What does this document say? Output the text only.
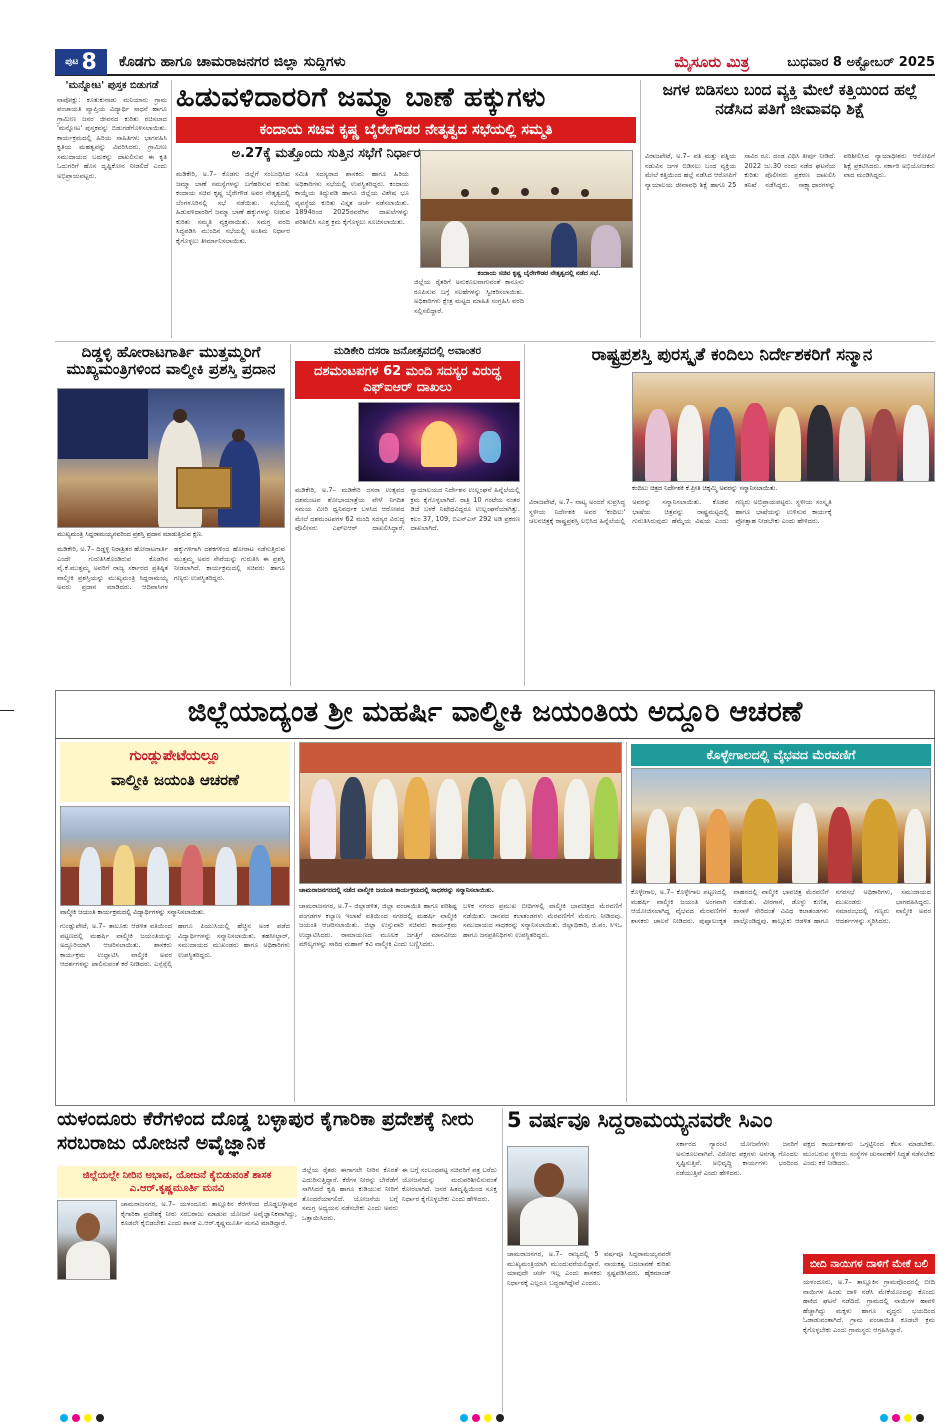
ಪುಟ 8 ಕೊಡಗು ಹಾಗೂ ಚಾಮರಾಜನಗರ ಜಿಲ್ಲಾ ಸುದ್ದಿಗಳು	ಮೈಸೂರು ಮಿತ್ರ	ಬುಧವಾರ 8 ಅಕ್ಟೋಬರ್ 2025
'ಮನ್ನೋಟ' ಪುಸ್ತಕ ಬಿಡುಗಡೆ
ನಾಪೋಕ್ಲು: ಕೂತುಕುನಾಡು ಮನಿಯಾರು ಗ್ರಾಮ ಪಂಚಾಯತಿ ವ್ಯಾಪ್ತಿಯ ವಿದ್ಯಾರ್ಥಿ ಸಾಧನೆ ಹಾಗೂ ಗ್ರಾಮೀಣ ಜನರ ಜೀವನದ ಕುರಿತು ರಚಿಸಲಾದ 'ಮನ್ನೋಟ' ಪುಸ್ತಕವನ್ನು ಬಿಡುಗಡೆಗೊಳಿಸಲಾಯಿತು. ಕಾರ್ಯಕ್ರಮದಲ್ಲಿ ಹಿರಿಯ ಸಾಹಿತಿಗಳು ಭಾಗವಹಿಸಿ ಕೃತಿಯ ಮಹತ್ವವನ್ನು ವಿವರಿಸಿದರು. ಗ್ರಾಮೀಣ ಸಮುದಾಯದ ಬದುಕನ್ನು ದಾಖಲಿಸುವ ಈ ಕೃತಿ ಓದುಗರಿಗೆ ಹೊಸ ದೃಷ್ಟಿಕೋನ ನೀಡಲಿದೆ ಎಂದು ಅಭಿಪ್ರಾಯಪಟ್ಟರು.
ಹಿಡುವಳಿದಾರರಿಗೆ ಜಮ್ಮಾ ಬಾಣೆ ಹಕ್ಕುಗಳು
ಕಂದಾಯ ಸಚಿವ ಕೃಷ್ಣ ಬೈರೇಗೌಡರ ನೇತೃತ್ವದ ಸಭೆಯಲ್ಲಿ ಸಮ್ಮತಿ
ಅ.27ಕ್ಕೆ ಮತ್ತೊಂದು ಸುತ್ತಿನ ಸಭೆಗೆ ನಿರ್ಧಾರ
ಮಡಿಕೇರಿ, ಅ.7– ಕೊಡಗು ಜಿಲ್ಲೆಗೆ ಸಂಬಂಧಿಸಿದ ಜಮ್ಮಾ ಬಾಣೆ ಸಮಸ್ಯೆಗಳನ್ನು ಬಗೆಹರಿಸುವ ಕುರಿತು ಕಂದಾಯ ಸಚಿವ ಕೃಷ್ಣ ಬೈರೇಗೌಡ ಅವರ ನೇತೃತ್ವದಲ್ಲಿ ಬೆಂಗಳೂರಿನಲ್ಲಿ ಸಭೆ ನಡೆಯಿತು. ಸಭೆಯಲ್ಲಿ ಹಿಡುವಳಿದಾರರಿಗೆ ಜಮ್ಮಾ ಬಾಣೆ ಹಕ್ಕುಗಳನ್ನು ನೀಡುವ ಕುರಿತು ಸಮ್ಮತಿ ವ್ಯಕ್ತವಾಯಿತು. ಸಮಗ್ರ ವರದಿ ಸಿದ್ಧಪಡಿಸಿ ಮುಂದಿನ ಸಭೆಯಲ್ಲಿ ಅಂತಿಮ ನಿರ್ಧಾರ ಕೈಗೊಳ್ಳಲು ತೀರ್ಮಾನಿಸಲಾಯಿತು.
ಸಮಿತಿ ಸದಸ್ಯರಾದ ಶಾಸಕರು ಹಾಗೂ ಹಿರಿಯ ಅಧಿಕಾರಿಗಳು ಸಭೆಯಲ್ಲಿ ಉಪಸ್ಥಿತರಿದ್ದರು. ಕಂದಾಯ ಕಾಯ್ದೆಯ ತಿದ್ದುಪಡಿ ಹಾಗೂ ಜಿಲ್ಲೆಯ ವಿಶೇಷ ಭೂ ವ್ಯವಸ್ಥೆಯ ಕುರಿತು ವಿಸ್ತೃತ ಚರ್ಚೆ ನಡೆಸಲಾಯಿತು. 1894ರಿಂದ 2025ರವರೆಗಿನ ದಾಖಲೆಗಳನ್ನು ಪರಿಶೀಲಿಸಿ ಸೂಕ್ತ ಕ್ರಮ ಕೈಗೊಳ್ಳಲು ಸೂಚಿಸಲಾಯಿತು.
ಜಿಲ್ಲೆಯ ರೈತರಿಗೆ ಅನುಕೂಲವಾಗುವಂತೆ ಕಾನೂನು ರೂಪಿಸುವ ಬಗ್ಗೆ ಸಲಹೆಗಳನ್ನು ಸ್ವೀಕರಿಸಲಾಯಿತು. ಅಧಿಕಾರಿಗಳು ಕ್ಷೇತ್ರ ಮಟ್ಟದ ಮಾಹಿತಿ ಸಂಗ್ರಹಿಸಿ ವರದಿ ಸಲ್ಲಿಸಲಿದ್ದಾರೆ.
ಕಂದಾಯ ಸಚಿವ ಕೃಷ್ಣ ಬೈರೇಗೌಡರ ನೇತೃತ್ವದಲ್ಲಿ ನಡೆದ ಸಭೆ.
ಜಗಳ ಬಿಡಿಸಲು ಬಂದ ವ್ಯಕ್ತಿ ಮೇಲೆ ಕತ್ತಿಯಿಂದ ಹಲ್ಲೆ ನಡೆಸಿದ ಪತಿಗೆ ಜೀವಾವಧಿ ಶಿಕ್ಷೆ
ವಿರಾಜಪೇಟೆ, ಅ.7– ಪತಿ ಮತ್ತು ಪತ್ನಿಯ ನಡುವಿನ ಜಗಳ ಬಿಡಿಸಲು ಬಂದ ವ್ಯಕ್ತಿಯ ಮೇಲೆ ಕತ್ತಿಯಿಂದ ಹಲ್ಲೆ ನಡೆಸಿದ ಆರೋಪಿಗೆ ನ್ಯಾಯಾಲಯ ಜೀವಾವಧಿ ಶಿಕ್ಷೆ ಹಾಗೂ 25 ಸಾವಿರ ರೂ. ದಂಡ ವಿಧಿಸಿ ತೀರ್ಪು ನೀಡಿದೆ. 2022 ಜು.30 ರಂದು ನಡೆದ ಘಟನೆಯ ಕುರಿತು ಪೊಲೀಸರು ಪ್ರಕರಣ ದಾಖಲಿಸಿ ತನಿಖೆ ನಡೆಸಿದ್ದರು. ಸಾಕ್ಷ್ಯಾಧಾರಗಳನ್ನು ಪರಿಶೀಲಿಸಿದ ನ್ಯಾಯಾಧೀಶರು ಆರೋಪಿಗೆ ಶಿಕ್ಷೆ ಪ್ರಕಟಿಸಿದರು. ಸರ್ಕಾರಿ ಅಭಿಯೋಜಕರು ವಾದ ಮಂಡಿಸಿದ್ದರು.
ದಿಡ್ಡಳ್ಳಿ ಹೋರಾಟಗಾರ್ತಿ ಮುತ್ತಮ್ಮರಿಗೆ ಮುಖ್ಯಮಂತ್ರಿಗಳಿಂದ ವಾಲ್ಮೀಕಿ ಪ್ರಶಸ್ತಿ ಪ್ರದಾನ
ಮುಖ್ಯಮಂತ್ರಿ ಸಿದ್ದರಾಮಯ್ಯನವರಿಂದ ಪ್ರಶಸ್ತಿ ಪ್ರದಾನ ಮಾಡುತ್ತಿರುವ ಕ್ಷಣ.
ಮಡಿಕೇರಿ, ಅ.7– ದಿಡ್ಡಳ್ಳಿ ನಿರಾಶ್ರಿತರ ಹೋರಾಟಗಾರ್ತಿ ಎಂದೇ ಗುರುತಿಸಿಕೊಂಡಿರುವ ಕೊಡಗಿನ ವೈ.ಕೆ.ಮುತ್ತಮ್ಮ ಅವರಿಗೆ ರಾಜ್ಯ ಸರ್ಕಾರದ ಪ್ರತಿಷ್ಠಿತ ವಾಲ್ಮೀಕಿ ಪ್ರಶಸ್ತಿಯನ್ನು ಮುಖ್ಯಮಂತ್ರಿ ಸಿದ್ದರಾಮಯ್ಯ ಅವರು ಪ್ರದಾನ ಮಾಡಿದರು. ಆದಿವಾಸಿಗಳ ಹಕ್ಕುಗಳಿಗಾಗಿ ದಶಕಗಳಿಂದ ಹೋರಾಟ ನಡೆಸುತ್ತಿರುವ ಮುತ್ತಮ್ಮ ಅವರ ಸೇವೆಯನ್ನು ಗುರುತಿಸಿ ಈ ಪ್ರಶಸ್ತಿ ನೀಡಲಾಗಿದೆ. ಕಾರ್ಯಕ್ರಮದಲ್ಲಿ ಸಚಿವರು ಹಾಗೂ ಗಣ್ಯರು ಉಪಸ್ಥಿತರಿದ್ದರು.
ಮಡಿಕೇರಿ ದಸರಾ ಜನೋತ್ಸವದಲ್ಲಿ ಅವಾಂತರ
ದಶಮಂಟಪಗಳ 62 ಮಂದಿ ಸದಸ್ಯರ ವಿರುದ್ಧ ಎಫ್‌ಐಆರ್ ದಾಖಲು
ಮಡಿಕೇರಿ, ಅ.7– ಮಡಿಕೇರಿ ದಸರಾ ಉತ್ಸವದ ದಶಮಂಟಪ ಶೋಭಾಯಾತ್ರೆಯ ವೇಳೆ ನಿಗದಿತ ಸಮಯ ಮೀರಿ ಧ್ವನಿವರ್ಧಕ ಬಳಸಿದ ಆರೋಪದ ಮೇಲೆ ದಶಮಂಟಪಗಳ 62 ಮಂದಿ ಸದಸ್ಯರ ವಿರುದ್ಧ ಪೊಲೀಸರು ಎಫ್‌ಐಆರ್ ದಾಖಲಿಸಿದ್ದಾರೆ. ನ್ಯಾಯಾಲಯದ ನಿರ್ದೇಶನ ಉಲ್ಲಂಘನೆ ಹಿನ್ನೆಲೆಯಲ್ಲಿ ಕ್ರಮ ಕೈಗೊಳ್ಳಲಾಗಿದೆ. ರಾತ್ರಿ 10 ಗಂಟೆಯ ನಂತರ ಡಿಜೆ ಬಳಕೆ ನಿಷೇಧವಿದ್ದರೂ ಉಲ್ಲಂಘನೆಯಾಗಿತ್ತು. ಕಲಂ 37, 109, ಬಿಎನ್‌ಎಸ್ 292 ಅಡಿ ಪ್ರಕರಣ ದಾಖಲಾಗಿದೆ.
ರಾಷ್ಟ್ರಪ್ರಶಸ್ತಿ ಪುರಸ್ಕೃತೆ ಕಂದಿಲು ನಿರ್ದೇಶಕರಿಗೆ ಸನ್ಮಾನ
ಕಂದಿಲು ಚಿತ್ರದ ನಿರ್ದೇಶಕಿ ಕೆ.ಪ್ರೀತಿ ಚಿಕ್ಕಮ್ಮಿ ಅವರನ್ನು ಸನ್ಮಾನಿಸಲಾಯಿತು.
ವಿರಾಜಪೇಟೆ, ಅ.7– ನಾಟ್ಯ ಅಂದರೆ ಸುಪ್ರಸಿದ್ಧ ಸ್ಥಳೀಯ ನಿರ್ದೇಶಕಿ ಅವರ 'ಕಂದಿಲು' ಚಲನಚಿತ್ರಕ್ಕೆ ರಾಷ್ಟ್ರಪ್ರಶಸ್ತಿ ಲಭಿಸಿದ ಹಿನ್ನೆಲೆಯಲ್ಲಿ ಅವರನ್ನು ಸನ್ಮಾನಿಸಲಾಯಿತು. ಕೊಡವ ಭಾಷೆಯ ಚಿತ್ರವನ್ನು ರಾಷ್ಟ್ರಮಟ್ಟದಲ್ಲಿ ಗುರುತಿಸಿರುವುದು ಹೆಮ್ಮೆಯ ವಿಷಯ ಎಂದು ಗಣ್ಯರು ಅಭಿಪ್ರಾಯಪಟ್ಟರು. ಸ್ಥಳೀಯ ಸಂಸ್ಕೃತಿ ಹಾಗೂ ಭಾಷೆಯನ್ನು ಉಳಿಸುವ ಕಾರ್ಯಕ್ಕೆ ಪ್ರೋತ್ಸಾಹ ನೀಡಬೇಕು ಎಂದು ಹೇಳಿದರು.
ಜಿಲ್ಲೆಯಾದ್ಯಂತ ಶ್ರೀ ಮಹರ್ಷಿ ವಾಲ್ಮೀಕಿ ಜಯಂತಿಯ ಅದ್ದೂರಿ ಆಚರಣೆ
ಗುಂಡ್ಲುಪೇಟೆಯಲ್ಲೂ
ವಾಲ್ಮೀಕಿ ಜಯಂತಿ ಆಚರಣೆ
ವಾಲ್ಮೀಕಿ ಜಯಂತಿ ಕಾರ್ಯಕ್ರಮದಲ್ಲಿ ವಿದ್ಯಾರ್ಥಿಗಳನ್ನು ಸನ್ಮಾನಿಸಲಾಯಿತು.
ಗುಂಡ್ಲುಪೇಟೆ, ಅ.7– ತಾಲೂಕು ಆಡಳಿತ ವತಿಯಿಂದ ಪಟ್ಟಣದಲ್ಲಿ ಮಹರ್ಷಿ ವಾಲ್ಮೀಕಿ ಜಯಂತಿಯನ್ನು ಅದ್ದೂರಿಯಾಗಿ ಆಚರಿಸಲಾಯಿತು. ಶಾಸಕರು ಕಾರ್ಯಕ್ರಮ ಉದ್ಘಾಟಿಸಿ ವಾಲ್ಮೀಕಿ ಅವರ ಆದರ್ಶಗಳನ್ನು ಪಾಲಿಸುವಂತೆ ಕರೆ ನೀಡಿದರು. ಎಸ್ಸೆಸ್ಸೆಲ್ಸಿ ಹಾಗೂ ಪಿಯುಸಿಯಲ್ಲಿ ಹೆಚ್ಚಿನ ಅಂಕ ಪಡೆದ ವಿದ್ಯಾರ್ಥಿಗಳನ್ನು ಸನ್ಮಾನಿಸಲಾಯಿತು. ತಹಸೀಲ್ದಾರ್, ಸಮುದಾಯದ ಮುಖಂಡರು ಹಾಗೂ ಅಧಿಕಾರಿಗಳು ಉಪಸ್ಥಿತರಿದ್ದರು.
ಚಾಮರಾಜನಗರದಲ್ಲಿ ನಡೆದ ವಾಲ್ಮೀಕಿ ಜಯಂತಿ ಕಾರ್ಯಕ್ರಮದಲ್ಲಿ ಸಾಧಕರನ್ನು ಸನ್ಮಾನಿಸಲಾಯಿತು.
ಚಾಮರಾಜನಗರ, ಅ.7– ಜಿಲ್ಲಾಡಳಿತ, ಜಿಲ್ಲಾ ಪಂಚಾಯಿತಿ ಹಾಗೂ ಪರಿಶಿಷ್ಟ ಪಂಗಡಗಳ ಕಲ್ಯಾಣ ಇಲಾಖೆ ವತಿಯಿಂದ ನಗರದಲ್ಲಿ ಮಹರ್ಷಿ ವಾಲ್ಮೀಕಿ ಜಯಂತಿ ಆಚರಿಸಲಾಯಿತು. ಜಿಲ್ಲಾ ಉಸ್ತುವಾರಿ ಸಚಿವರು ಕಾರ್ಯಕ್ರಮ ಉದ್ಘಾಟಿಸಿದರು. ರಾಮಾಯಣದ ಮೂಲಕ ಜಗತ್ತಿಗೆ ಮಾನವೀಯ ಮೌಲ್ಯಗಳನ್ನು ಸಾರಿದ ಮಹಾನ್ ಕವಿ ವಾಲ್ಮೀಕಿ ಎಂದು ಬಣ್ಣಿಸಿದರು.
ಬಳಿಕ ನಗರದ ಪ್ರಮುಖ ಬೀದಿಗಳಲ್ಲಿ ವಾಲ್ಮೀಕಿ ಭಾವಚಿತ್ರದ ಮೆರವಣಿಗೆ ನಡೆಯಿತು. ಜಾನಪದ ಕಲಾತಂಡಗಳು ಮೆರವಣಿಗೆಗೆ ಮೆರುಗು ನೀಡಿದವು. ಸಮುದಾಯದ ಸಾಧಕರನ್ನು ಸನ್ಮಾನಿಸಲಾಯಿತು. ಜಿಲ್ಲಾಧಿಕಾರಿ, ಜಿ.ಪಂ. ಸಿಇಒ ಹಾಗೂ ಜನಪ್ರತಿನಿಧಿಗಳು ಉಪಸ್ಥಿತರಿದ್ದರು.
ಕೊಳ್ಳೇಗಾಲದಲ್ಲಿ ವೈಭವದ ಮೆರವಣಿಗೆ
ಕೊಳ್ಳೇಗಾಲ, ಅ.7– ಕೊಳ್ಳೇಗಾಲ ಪಟ್ಟಣದಲ್ಲಿ ಮಹರ್ಷಿ ವಾಲ್ಮೀಕಿ ಜಯಂತಿ ಅಂಗವಾಗಿ ಆಯೋಜಿಸಲಾಗಿದ್ದ ವೈಭವದ ಮೆರವಣಿಗೆಗೆ ಶಾಸಕರು ಚಾಲನೆ ನೀಡಿದರು. ಪುಷ್ಪಾಲಂಕೃತ ವಾಹನದಲ್ಲಿ ವಾಲ್ಮೀಕಿ ಭಾವಚಿತ್ರ ಮೆರವಣಿಗೆ ನಡೆಯಿತು. ವೀರಗಾಸೆ, ಡೊಳ್ಳು ಕುಣಿತ, ಕಂಸಾಳೆ ಸೇರಿದಂತೆ ವಿವಿಧ ಕಲಾತಂಡಗಳು ಪಾಲ್ಗೊಂಡಿದ್ದವು. ತಾಲ್ಲೂಕು ಆಡಳಿತ ಹಾಗೂ ನಗರಸಭೆ ಅಧಿಕಾರಿಗಳು, ಸಮುದಾಯದ ಮುಖಂಡರು ಭಾಗವಹಿಸಿದ್ದರು. ಸಮಾರಂಭದಲ್ಲಿ ಗಣ್ಯರು ವಾಲ್ಮೀಕಿ ಅವರ ಆದರ್ಶಗಳನ್ನು ಸ್ಮರಿಸಿದರು.
ಯಳಂದೂರು ಕೆರೆಗಳಿಂದ ದೊಡ್ಡ ಬಳ್ಳಾಪುರ ಕೈಗಾರಿಕಾ ಪ್ರದೇಶಕ್ಕೆ ನೀರು ಸರಬರಾಜು ಯೋಜನೆ ಅವೈಜ್ಞಾನಿಕ
ಜಿಲ್ಲೆಯಲ್ಲೇ ನೀರಿನ ಅಭಾವ, ಯೋಜನೆ ಕೈಬಿಡುವಂತೆ ಶಾಸಕ ಎ.ಆರ್.ಕೃಷ್ಣಮೂರ್ತಿ ಮನವಿ
ಚಾಮರಾಜನಗರ, ಅ.7– ಯಳಂದೂರು ತಾಲ್ಲೂಕಿನ ಕೆರೆಗಳಿಂದ ದೊಡ್ಡಬಳ್ಳಾಪುರ ಕೈಗಾರಿಕಾ ಪ್ರದೇಶಕ್ಕೆ ನೀರು ಸರಬರಾಜು ಮಾಡುವ ಯೋಜನೆ ಅವೈಜ್ಞಾನಿಕವಾಗಿದ್ದು, ಕೂಡಲೇ ಕೈಬಿಡಬೇಕು ಎಂದು ಶಾಸಕ ಎ.ಆರ್.ಕೃಷ್ಣಮೂರ್ತಿ ಮನವಿ ಮಾಡಿದ್ದಾರೆ.
ಜಿಲ್ಲೆಯ ರೈತರು ಈಗಾಗಲೇ ನೀರಿನ ಕೊರತೆ ಎದುರಿಸುತ್ತಿದ್ದಾರೆ. ಕೆರೆಗಳ ನೀರನ್ನು ಬೇರೆಡೆಗೆ ಸಾಗಿಸಿದರೆ ಕೃಷಿ ಹಾಗೂ ಕುಡಿಯುವ ನೀರಿಗೆ ತೊಂದರೆಯಾಗಲಿದೆ. ಯೋಜನೆಯ ಬಗ್ಗೆ ಸಮಗ್ರ ಅಧ್ಯಯನ ನಡೆಸಬೇಕು ಎಂದು ಅವರು ಒತ್ತಾಯಿಸಿದರು.
ಈ ಬಗ್ಗೆ ಸಂಬಂಧಪಟ್ಟ ಸಚಿವರಿಗೆ ಪತ್ರ ಬರೆದು ಯೋಜನೆಯನ್ನು ಮರುಪರಿಶೀಲಿಸುವಂತೆ ಕೋರಲಾಗಿದೆ. ಜನರ ಹಿತದೃಷ್ಟಿಯಿಂದ ಸೂಕ್ತ ನಿರ್ಧಾರ ಕೈಗೊಳ್ಳಬೇಕು ಎಂದು ಹೇಳಿದರು.
5 ವರ್ಷವೂ ಸಿದ್ದರಾಮಯ್ಯನವರೇ ಸಿಎಂ
ಚಾಮರಾಜನಗರ, ಅ.7– ರಾಜ್ಯದಲ್ಲಿ 5 ವರ್ಷವೂ ಸಿದ್ದರಾಮಯ್ಯನವರೇ ಮುಖ್ಯಮಂತ್ರಿಯಾಗಿ ಮುಂದುವರೆಯಲಿದ್ದಾರೆ. ನಾಯಕತ್ವ ಬದಲಾವಣೆ ಕುರಿತು ಯಾವುದೇ ಚರ್ಚೆ ಇಲ್ಲ ಎಂದು ಶಾಸಕರು ಸ್ಪಷ್ಟಪಡಿಸಿದರು. ಹೈಕಮಾಂಡ್ ನಿರ್ಧಾರಕ್ಕೆ ಎಲ್ಲರೂ ಬದ್ಧರಾಗಿದ್ದೇವೆ ಎಂದರು.
ಸರ್ಕಾರದ ಗ್ಯಾರಂಟಿ ಯೋಜನೆಗಳು ಜನರಿಗೆ ಅನುಕೂಲವಾಗಿವೆ. ವಿರೋಧ ಪಕ್ಷಗಳು ಅನಗತ್ಯ ಗೊಂದಲ ಸೃಷ್ಟಿಸುತ್ತಿವೆ. ಅಭಿವೃದ್ಧಿ ಕಾರ್ಯಗಳು ಭರದಿಂದ ನಡೆಯುತ್ತಿವೆ ಎಂದು ಹೇಳಿದರು.
ಪಕ್ಷದ ಕಾರ್ಯಕರ್ತರು ಒಗ್ಗಟ್ಟಿನಿಂದ ಕೆಲಸ ಮಾಡಬೇಕು. ಮುಂಬರುವ ಸ್ಥಳೀಯ ಸಂಸ್ಥೆಗಳ ಚುನಾವಣೆಗೆ ಸಿದ್ಧತೆ ನಡೆಸಬೇಕು ಎಂದು ಕರೆ ನೀಡಿದರು.
ಬೀದಿ ನಾಯಿಗಳ ದಾಳಿಗೆ ಮೇಕೆ ಬಲಿ
ಯಳಂದೂರು, ಅ.7– ತಾಲ್ಲೂಕಿನ ಗ್ರಾಮವೊಂದರಲ್ಲಿ ಬೀದಿ ನಾಯಿಗಳ ಹಿಂಡು ದಾಳಿ ನಡೆಸಿ ಮೇಕೆಯೊಂದನ್ನು ಕೊಂದು ಹಾಕಿದ ಘಟನೆ ನಡೆದಿದೆ. ಗ್ರಾಮದಲ್ಲಿ ನಾಯಿಗಳ ಹಾವಳಿ ಹೆಚ್ಚಾಗಿದ್ದು ಮಕ್ಕಳು ಹಾಗೂ ವೃದ್ಧರು ಭಯದಿಂದ ಓಡಾಡುವಂತಾಗಿದೆ. ಗ್ರಾಮ ಪಂಚಾಯಿತಿ ಕೂಡಲೇ ಕ್ರಮ ಕೈಗೊಳ್ಳಬೇಕು ಎಂದು ಗ್ರಾಮಸ್ಥರು ಆಗ್ರಹಿಸಿದ್ದಾರೆ.
